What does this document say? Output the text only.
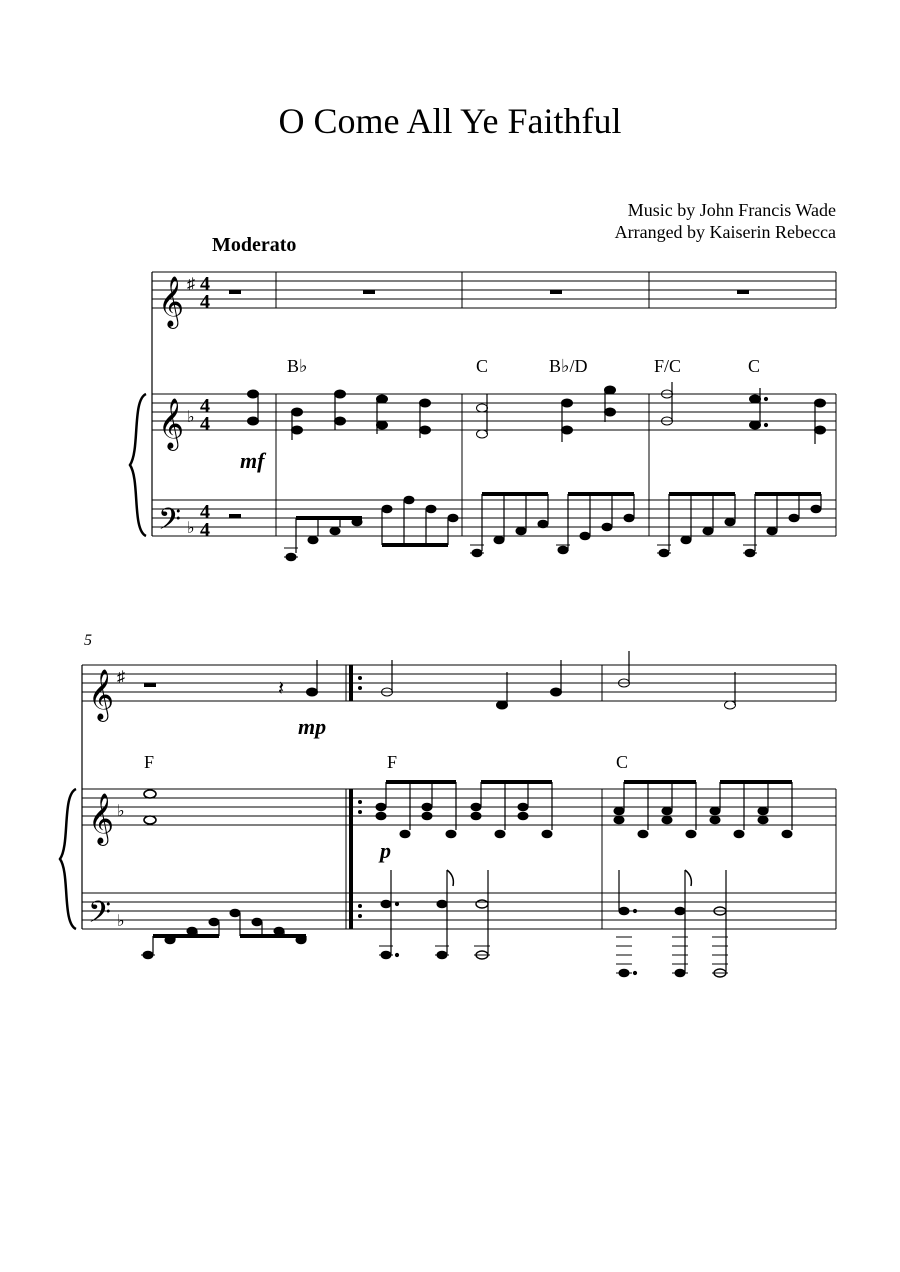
O Come All Ye Faithful
Music by John Francis Wade
Arranged by Kaiserin Rebecca
Moderato
𝄞
𝄞
𝄢
♯
♭
♭
4
4
4
4
4
4
B♭	C	B♭/D	F/C	C
mf
𝄞
𝄞
𝄢
♯
♭
♭
5
𝄽
F	F	C
mp
p
